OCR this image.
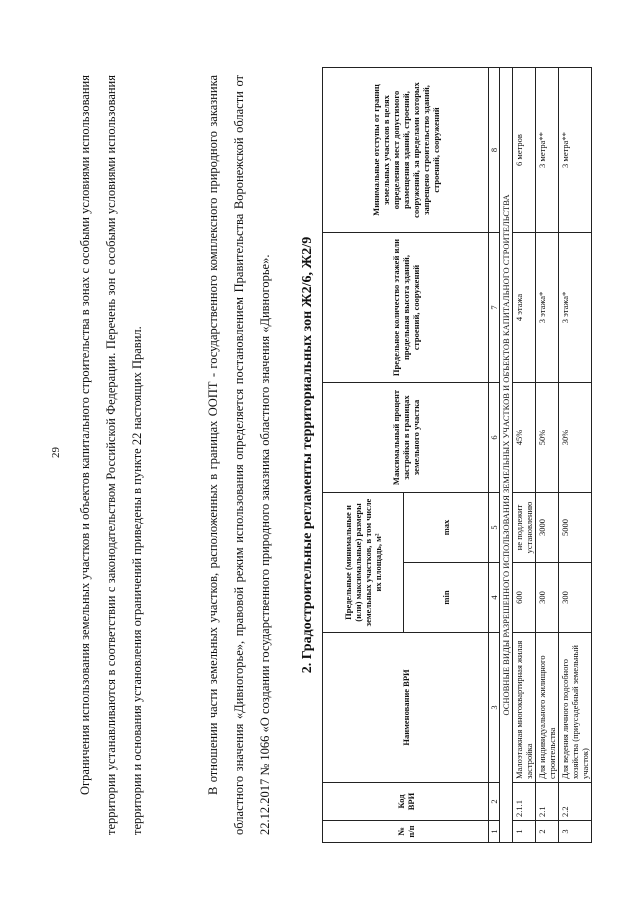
29	Ограничения использования земельных участков и объектов капитального строительства в зонах с особыми условиями использования территории устанавливаются в соответствии с законодательством Российской Федерации. Перечень зон с особыми условиями использования территории и основания установления ограничений приведены в пункте 22 настоящих Правил.	В отношении части земельных участков, расположенных в границах ООПТ - государственного комплексного природного заказника областного значения «Дивногорье», правовой режим использования определяется постановлением Правительства Воронежской области от 22.12.2017 № 1066 «О создании государственного природного заказника областного значения «Дивногорье».	2. Градостроительные регламенты территориальных зон Ж2/6, Ж2/9

№ п/п	Код ВРИ	Наименование ВРИ	Предельные (минимальные и (или) максимальные) размеры земельных участков, в том числе их площадь, м²		Максимальный процент застройки в границах земельного участка	Предельное количество этажей или предельная высота зданий, строений, сооружений	Минимальные отступы от границ земельных участков в целях определения мест допустимого размещения зданий, строений, сооружений, за пределами которых запрещено строительство зданий, строений, сооружений
			min	max			
1	2	3	4	5	6	7	8
ОСНОВНЫЕ ВИДЫ РАЗРЕШЕННОГО ИСПОЛЬЗОВАНИЯ ЗЕМЕЛЬНЫХ УЧАСТКОВ И ОБЪЕКТОВ КАПИТАЛЬНОГО СТРОИТЕЛЬСТВА							
1	2.1.1	Малоэтажная многоквартирная жилая застройка	600	не подлежит установлению	45%	4 этажа	6 метров
2	2.1	Для индивидуального жилищного строительства	300	3000	50%	3 этажа*	3 метра**
3	2.2	Для ведения личного подсобного хозяйства (приусадебный земельный участок)	300	5000	30%	3 этажа*	3 метра**
